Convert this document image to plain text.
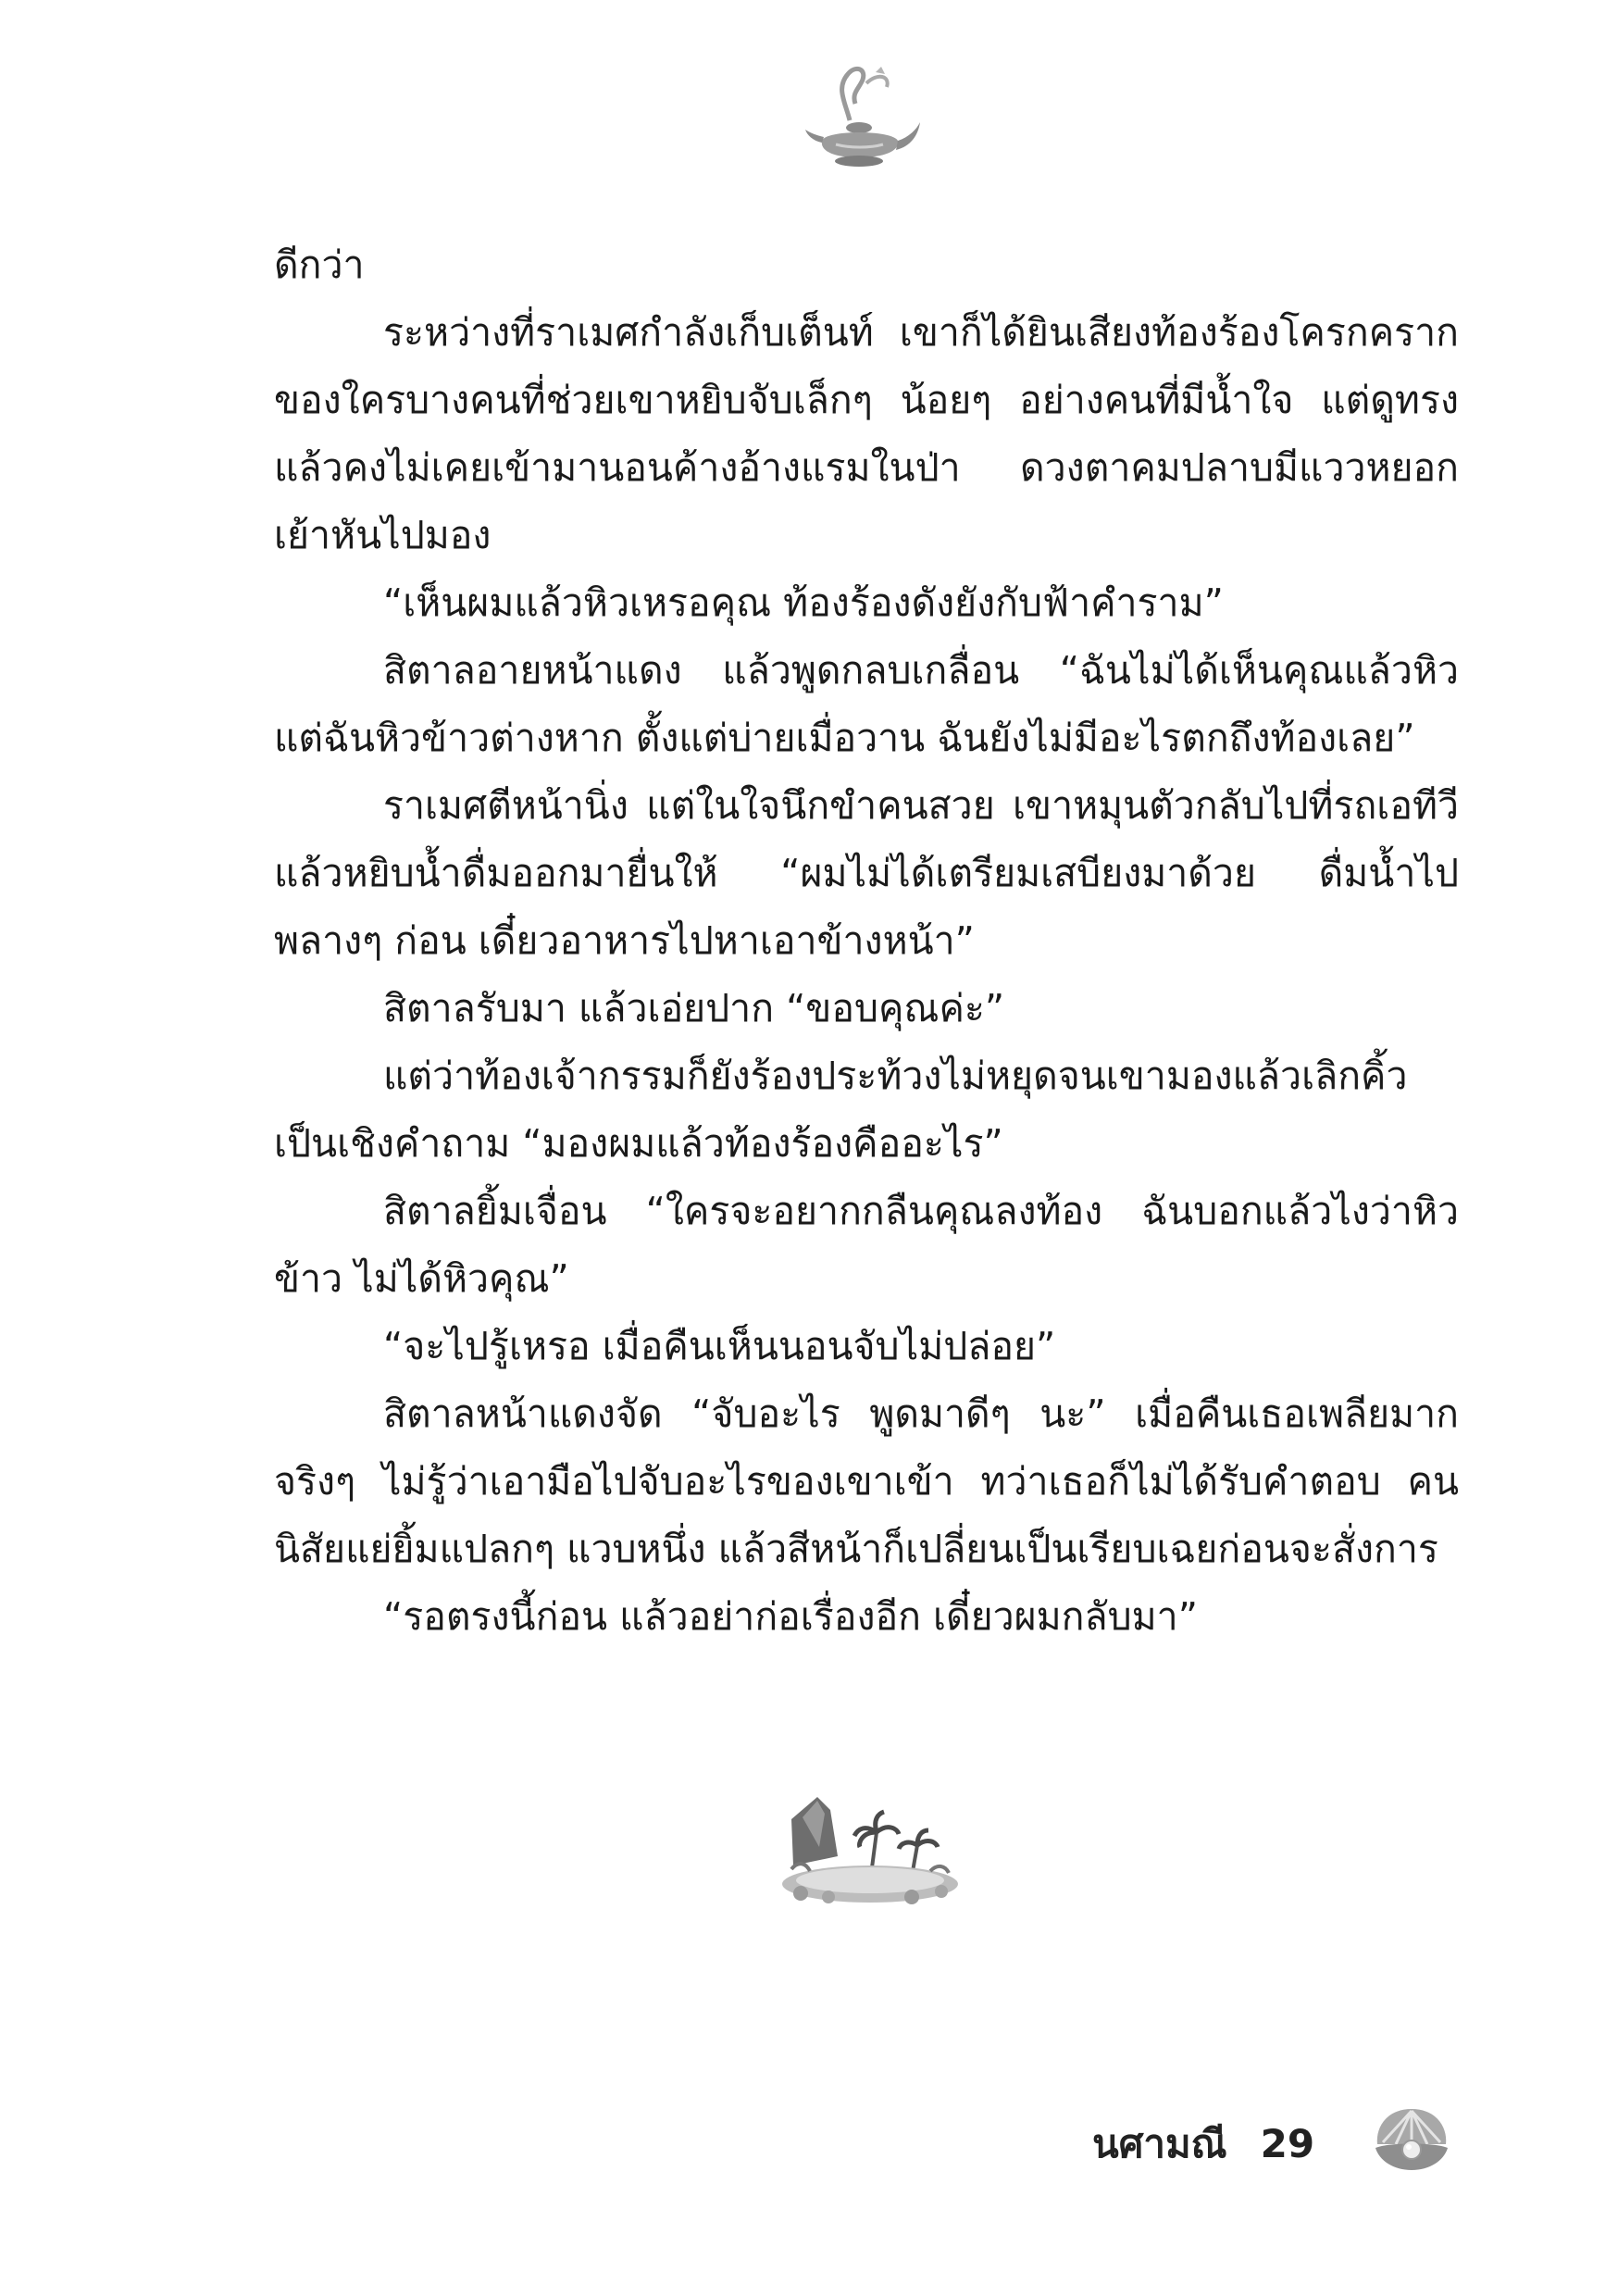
ดีกว่า

ระหว่างที่ราเมศกำลังเก็บเต็นท์ เขาก็ได้ยินเสียงท้องร้องโครกคราก ของใครบางคนที่ช่วยเขาหยิบจับเล็กๆ น้อยๆ อย่างคนที่มีน้ำใจ แต่ดูทรงแล้วคงไม่เคยเข้ามานอนค้างอ้างแรมในป่า ดวงตาคมปลาบมีแววหยอกเย้าหันไปมอง

“เห็นผมแล้วหิวเหรอคุณ ท้องร้องดังยังกับฟ้าคำราม”

สิตาลอายหน้าแดง แล้วพูดกลบเกลื่อน “ฉันไม่ได้เห็นคุณแล้วหิว แต่ฉันหิวข้าวต่างหาก ตั้งแต่บ่ายเมื่อวาน ฉันยังไม่มีอะไรตกถึงท้องเลย”

ราเมศตีหน้านิ่ง แต่ในใจนึกขำคนสวย เขาหมุนตัวกลับไปที่รถเอทีวี แล้วหยิบน้ำดื่มออกมายื่นให้ “ผมไม่ได้เตรียมเสบียงมาด้วย ดื่มน้ำไปพลางๆ ก่อน เดี๋ยวอาหารไปหาเอาข้างหน้า”

สิตาลรับมา แล้วเอ่ยปาก “ขอบคุณค่ะ”

แต่ว่าท้องเจ้ากรรมก็ยังร้องประท้วงไม่หยุดจนเขามองแล้วเลิกคิ้ว เป็นเชิงคำถาม “มองผมแล้วท้องร้องคืออะไร”

สิตาลยิ้มเจื่อน “ใครจะอยากกลืนคุณลงท้อง ฉันบอกแล้วไงว่าหิวข้าว ไม่ได้หิวคุณ”

“จะไปรู้เหรอ เมื่อคืนเห็นนอนจับไม่ปล่อย”

สิตาลหน้าแดงจัด “จับอะไร พูดมาดีๆ นะ” เมื่อคืนเธอเพลียมากจริงๆ ไม่รู้ว่าเอามือไปจับอะไรของเขาเข้า ทว่าเธอก็ไม่ได้รับคำตอบ คนนิสัยแย่ยิ้มแปลกๆ แวบหนึ่ง แล้วสีหน้าก็เปลี่ยนเป็นเรียบเฉยก่อนจะสั่งการ

“รอตรงนี้ก่อน แล้วอย่าก่อเรื่องอีก เดี๋ยวผมกลับมา”

นศามณี 29
